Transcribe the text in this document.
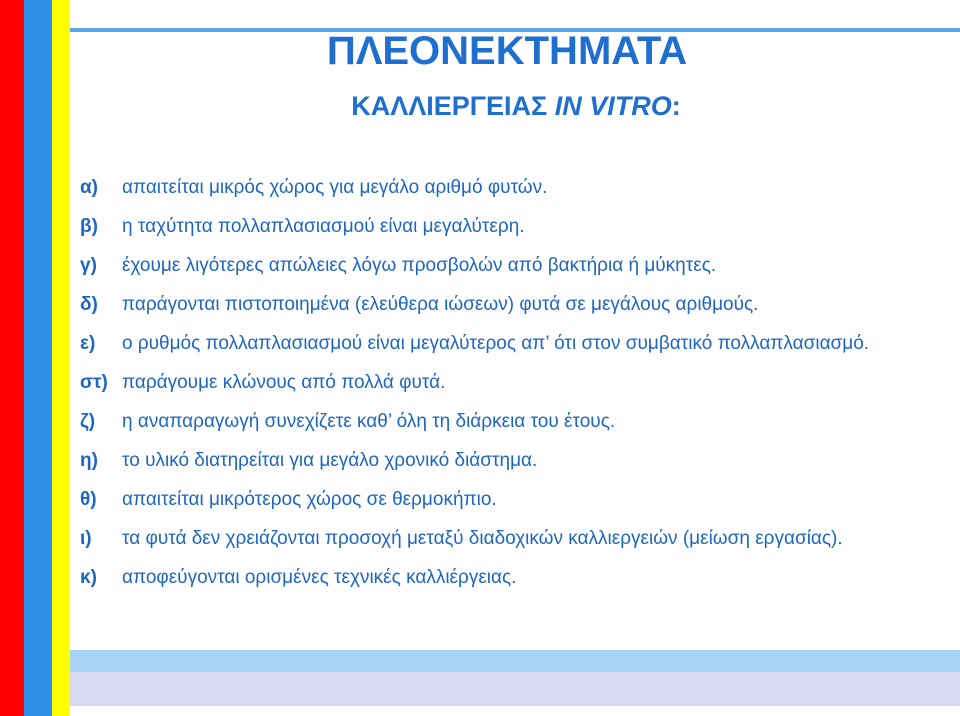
ΠΛΕΟΝΕΚΤΗΜΑΤΑ
ΚΑΛΛΙΕΡΓΕΙΑΣ IN VITRO:
α)	απαιτείται μικρός χώρος για μεγάλο αριθμό φυτών.
β)	η ταχύτητα πολλαπλασιασμού είναι μεγαλύτερη.
γ)	έχουμε λιγότερες απώλειες λόγω προσβολών από βακτήρια ή μύκητες.
δ)	παράγονται πιστοποιημένα (ελεύθερα ιώσεων) φυτά σε μεγάλους αριθμούς.
ε)	ο ρυθμός πολλαπλασιασμού είναι μεγαλύτερος απ’ ότι στον συμβατικό πολλαπλασιασμό.
στ) παράγουμε κλώνους από πολλά φυτά.
ζ)	η αναπαραγωγή συνεχίζετε καθ’ όλη τη διάρκεια του έτους.
η)	το υλικό διατηρείται για μεγάλο χρονικό διάστημα.
θ)	απαιτείται μικρότερος χώρος σε θερμοκήπιο.
ι)	τα φυτά δεν χρειάζονται προσοχή μεταξύ διαδοχικών καλλιεργειών (μείωση εργασίας).
κ)	αποφεύγονται ορισμένες τεχνικές καλλιέργειας.
